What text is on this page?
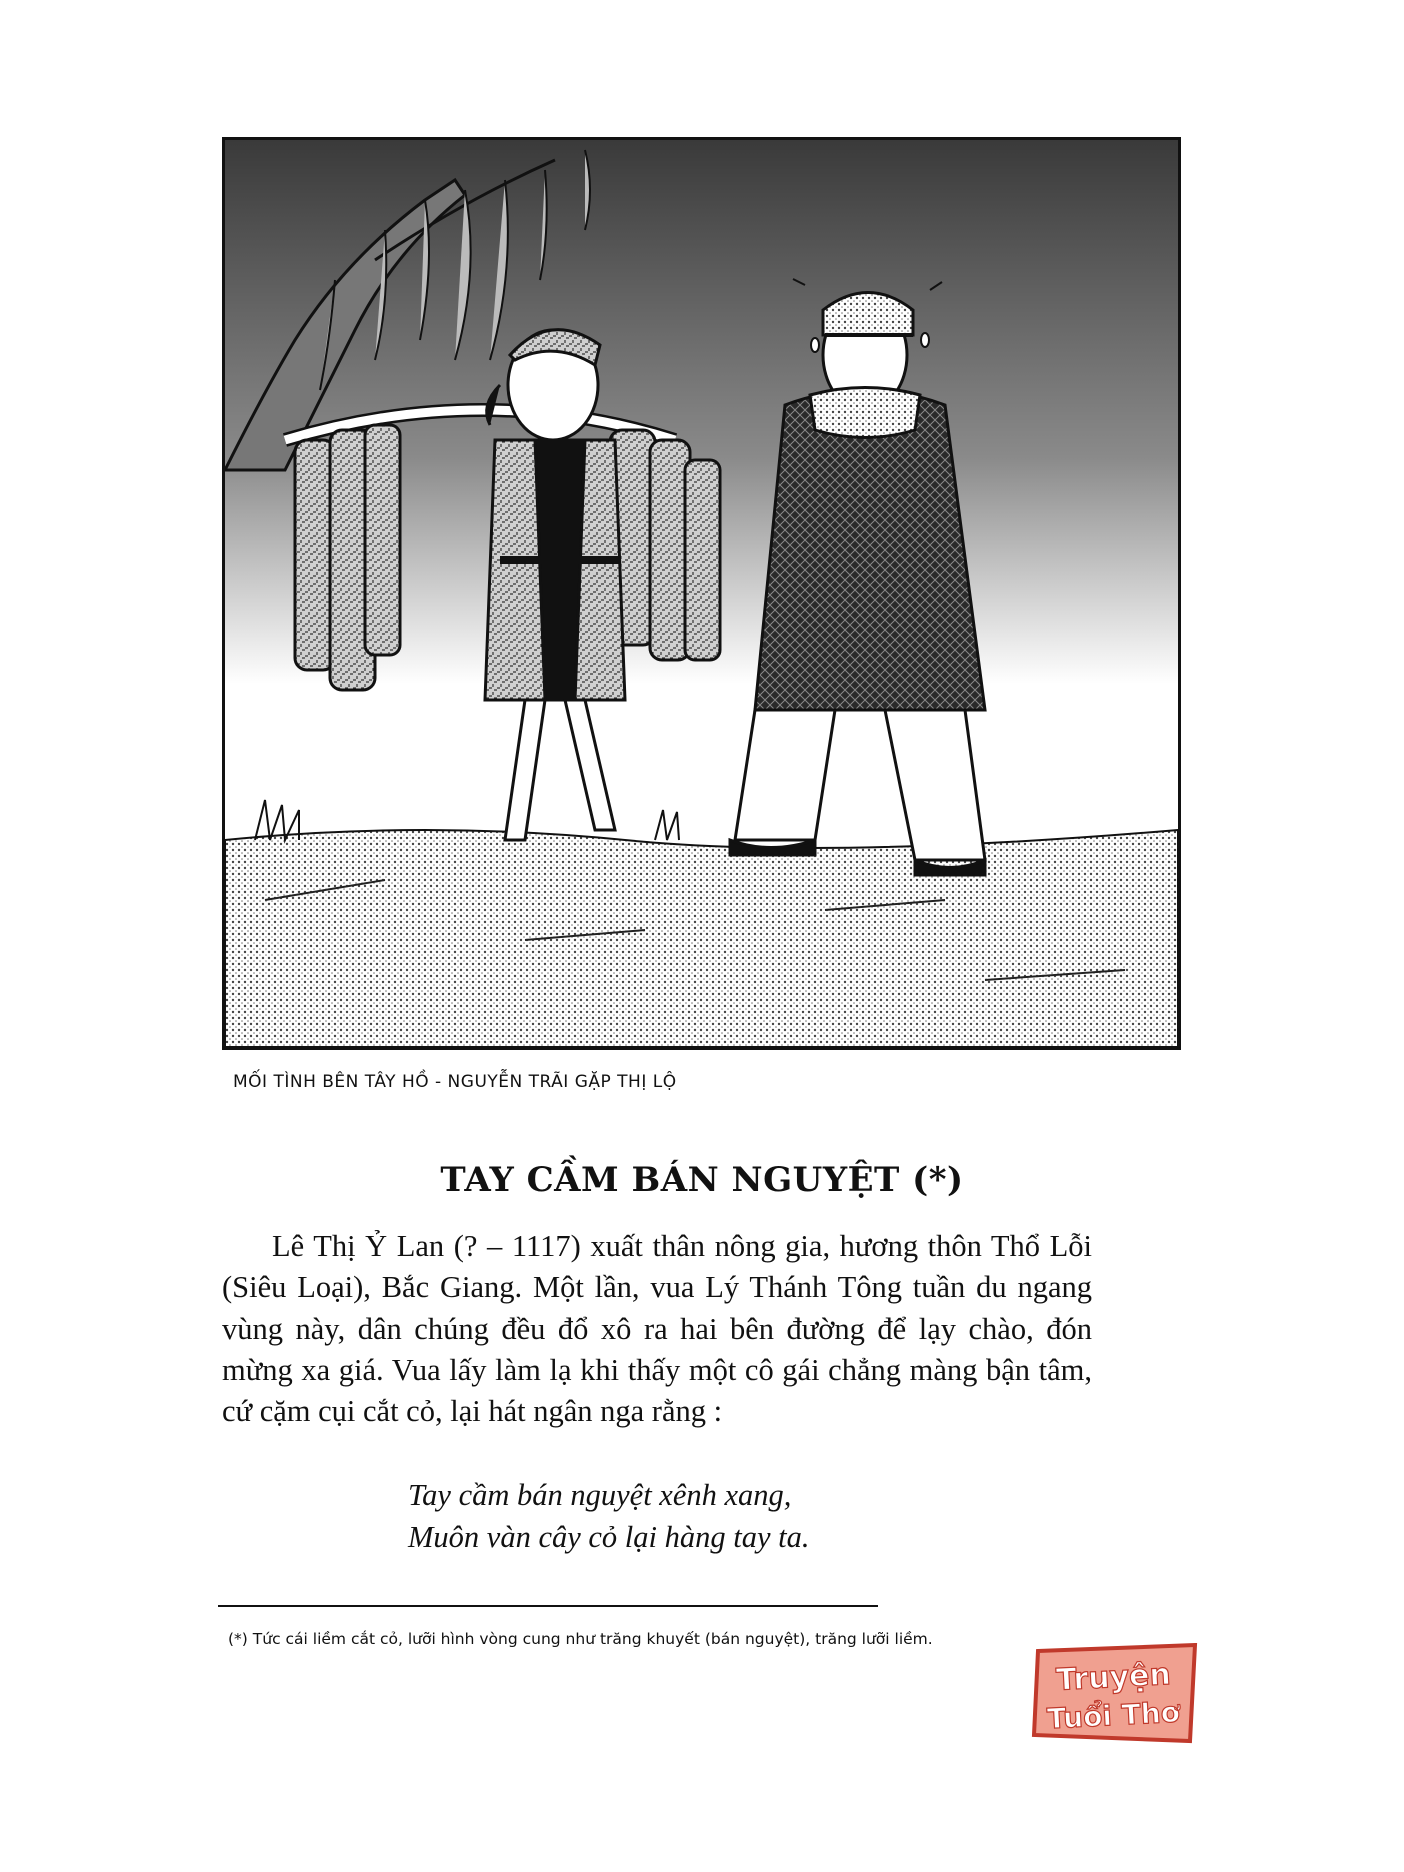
MỐI TÌNH BÊN TÂY HỒ - NGUYỄN TRÃI GẶP THỊ LỘ
TAY CẦM BÁN NGUYỆT (*)
Lê Thị Ỷ Lan (? – 1117) xuất thân nông gia, hương thôn Thổ Lỗi (Siêu Loại), Bắc Giang. Một lần, vua Lý Thánh Tông tuần du ngang vùng này, dân chúng đều đổ xô ra hai bên đường để lạy chào, đón mừng xa giá. Vua lấy làm lạ khi thấy một cô gái chẳng màng bận tâm, cứ cặm cụi cắt cỏ, lại hát ngân nga rằng :
Tay cầm bán nguyệt xênh xang,
Muôn vàn cây cỏ lại hàng tay ta.
(*) Tức cái liềm cắt cỏ, lưỡi hình vòng cung như trăng khuyết (bán nguyệt), trăng lưỡi liềm.
Truyện
Tuổi Thơ
